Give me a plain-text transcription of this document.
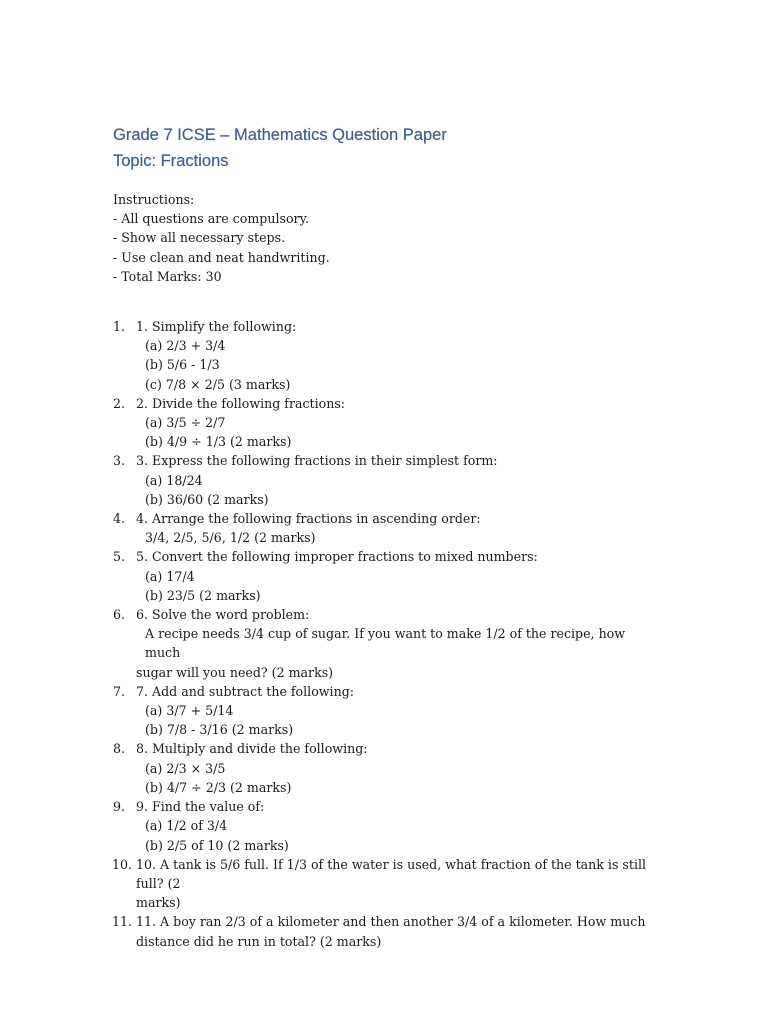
Grade 7 ICSE – Mathematics Question Paper
Topic: Fractions
Instructions:
- All questions are compulsory.
- Show all necessary steps.
- Use clean and neat handwriting.
- Total Marks: 30
1. 1. Simplify the following:
(a) 2/3 + 3/4
(b) 5/6 - 1/3
(c) 7/8 × 2/5 (3 marks)
2. 2. Divide the following fractions:
(a) 3/5 ÷ 2/7
(b) 4/9 ÷ 1/3 (2 marks)
3. 3. Express the following fractions in their simplest form:
(a) 18/24
(b) 36/60 (2 marks)
4. 4. Arrange the following fractions in ascending order:
3/4, 2/5, 5/6, 1/2 (2 marks)
5. 5. Convert the following improper fractions to mixed numbers:
(a) 17/4
(b) 23/5 (2 marks)
6. 6. Solve the word problem:
A recipe needs 3/4 cup of sugar. If you want to make 1/2 of the recipe, how much
sugar will you need? (2 marks)
7. 7. Add and subtract the following:
(a) 3/7 + 5/14
(b) 7/8 - 3/16 (2 marks)
8. 8. Multiply and divide the following:
(a) 2/3 × 3/5
(b) 4/7 ÷ 2/3 (2 marks)
9. 9. Find the value of:
(a) 1/2 of 3/4
(b) 2/5 of 10 (2 marks)
10. 10. A tank is 5/6 full. If 1/3 of the water is used, what fraction of the tank is still full? (2
marks)
11. 11. A boy ran 2/3 of a kilometer and then another 3/4 of a kilometer. How much
distance did he run in total? (2 marks)
